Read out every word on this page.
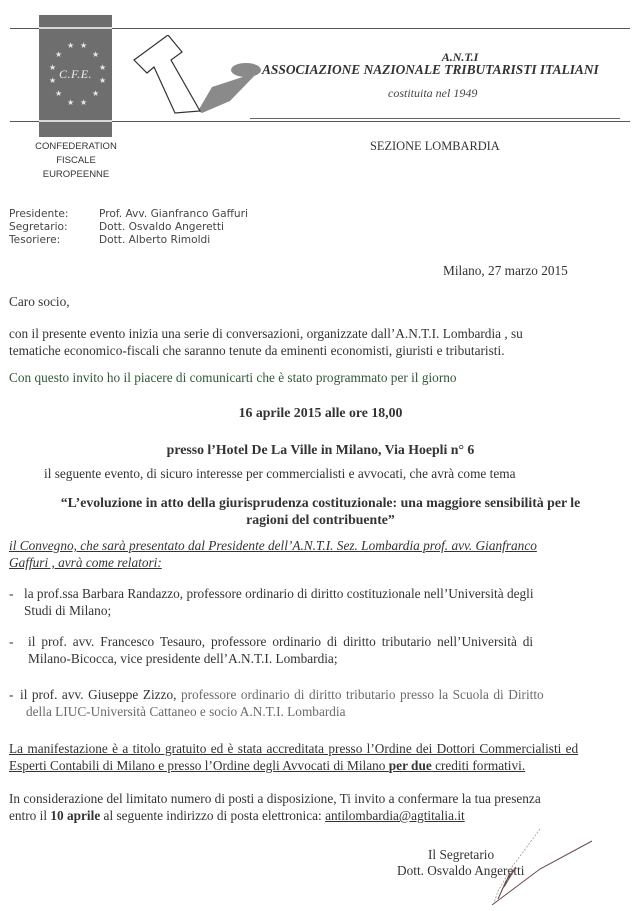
★ ★
★	★
★	★
★	★
★	★
★ ★
C.F.E.
CONFEDERATION
FISCALE
EUROPEENNE
A.N.T.I
ASSOCIAZIONE NAZIONALE TRIBUTARISTI ITALIANI
costituita nel 1949
SEZIONE LOMBARDIA
Presidente:	Prof. Avv. Gianfranco Gaffuri
Segretario:	Dott. Osvaldo Angeretti
Tesoriere:	Dott. Alberto Rimoldi
Milano, 27 marzo 2015
Caro socio,
con il presente evento inizia una serie di conversazioni, organizzate dall’A.N.T.I. Lombardia , su
tematiche economico-fiscali che saranno tenute da eminenti economisti, giuristi e tributaristi.
Con questo invito ho il piacere di comunicarti che è stato programmato per il giorno
16 aprile 2015 alle ore 18,00
presso l’Hotel De La Ville in Milano, Via Hoepli n° 6
il seguente evento, di sicuro interesse per commercialisti e avvocati, che avrà come tema
“L’evoluzione in atto della giurisprudenza costituzionale: una maggiore sensibilità per le
ragioni del contribuente”
il Convegno, che sarà presentato dal Presidente dell’A.N.T.I. Sez. Lombardia prof. avv. Gianfranco
Gaffuri , avrà come relatori:
- la prof.ssa Barbara Randazzo, professore ordinario di diritto costituzionale nell’Università degli
Studi di Milano;
- il prof. avv. Francesco Tesauro, professore ordinario di diritto tributario nell’Università di
Milano-Bicocca, vice presidente dell’A.N.T.I. Lombardia;
- il prof. avv. Giuseppe Zizzo, professore ordinario di diritto tributario presso la Scuola di Diritto
della LIUC-Università Cattaneo e socio A.N.T.I. Lombardia
La manifestazione è a titolo gratuito ed è stata accreditata presso l’Ordine dei Dottori Commercialisti ed
Esperti Contabili di Milano e presso l’Ordine degli Avvocati di Milano per due crediti formativi.
In considerazione del limitato numero di posti a disposizione, Ti invito a confermare la tua presenza
entro il 10 aprile al seguente indirizzo di posta elettronica: antilombardia@agtitalia.it
Il Segretario
Dott. Osvaldo Angeretti
